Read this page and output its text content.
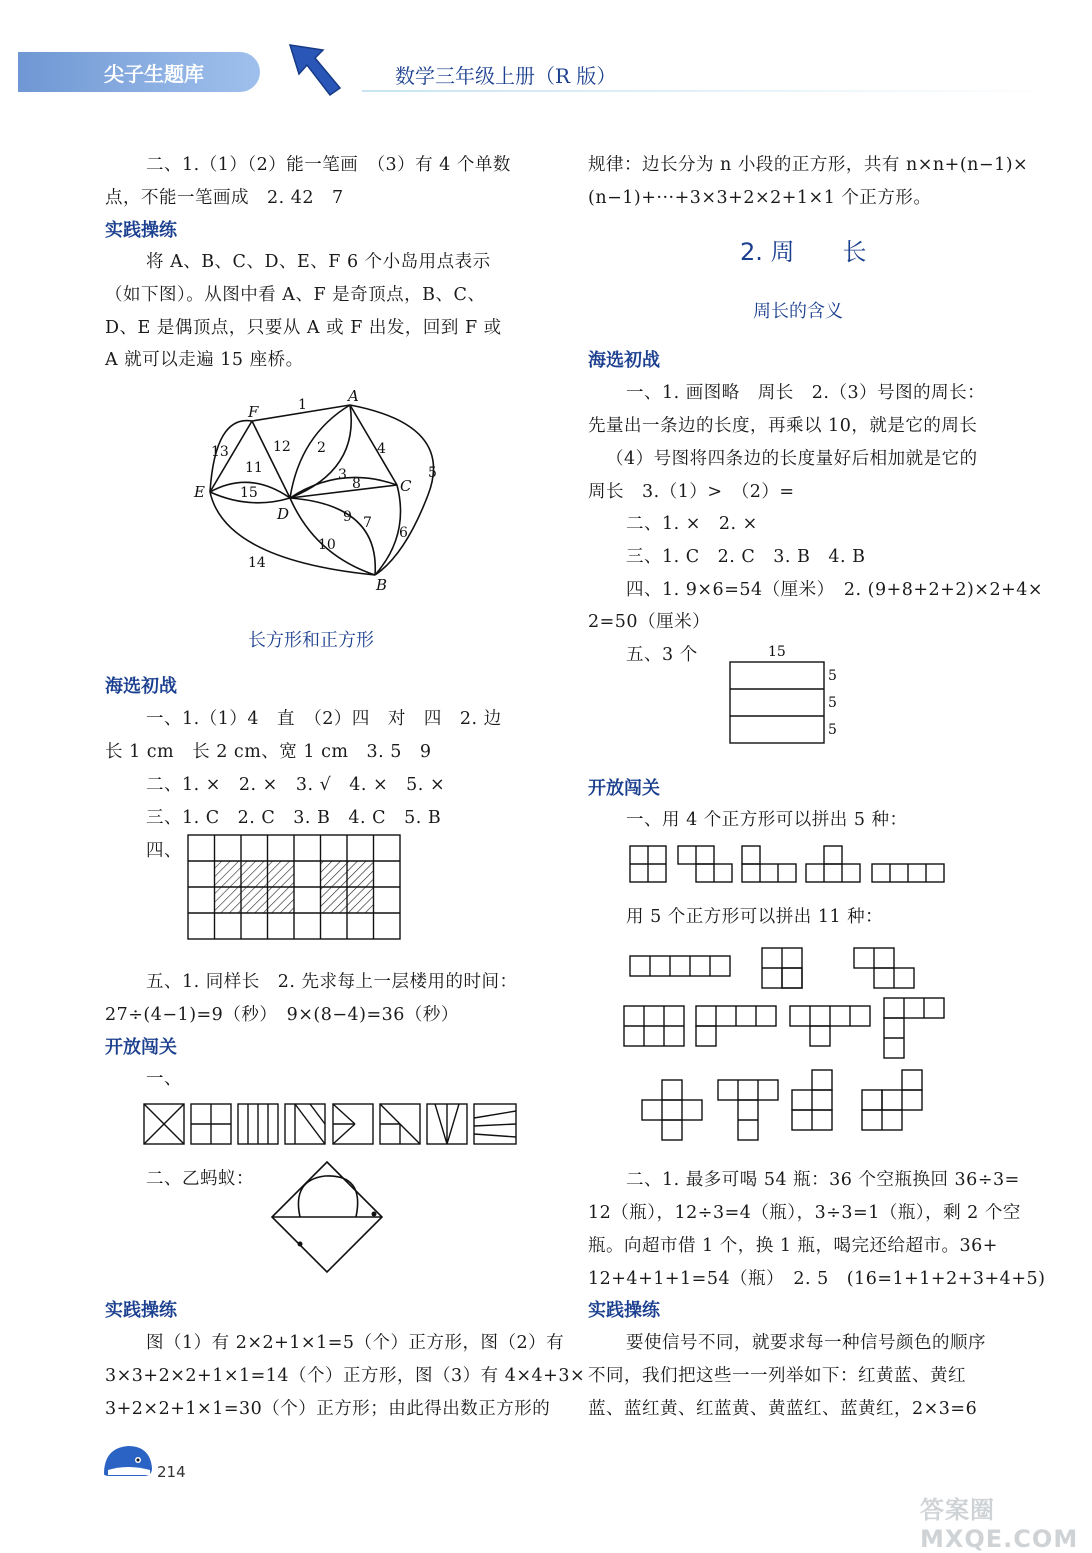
尖子生题库	数学三年级上册（R 版）
二、1.（1）（2）能一笔画　（3）有 4 个单数
点，不能一笔画成　2. 42　7
实践操练
将 A、B、C、D、E、F 6 个小岛用点表示
（如下图）。从图中看 A、F 是奇顶点，B、C、
D、E 是偶顶点，只要从 A 或 F 出发，回到 F 或
A 就可以走遍 15 座桥。
A
B
C
D
E
F	1
2
3
4
5
6
7
8
9
10
11
12
13
14
15
长方形和正方形
海选初战
一、1.（1）4　直　（2）四　对　四　2. 边
长 1 cm　长 2 cm、宽 1 cm　3. 5　9
二、1. ×　2. ×　3. √　4. ×　5. ×
三、1. C　2. C　3. B　4. C　5. B
四、
五、1. 同样长　2. 先求每上一层楼用的时间：
27÷(4−1)=9（秒）　9×(8−4)=36（秒）
开放闯关
一、
二、乙蚂蚁：
实践操练
图（1）有 2×2+1×1=5（个）正方形，图（2）有
3×3+2×2+1×1=14（个）正方形，图（3）有 4×4+3×
3+2×2+1×1=30（个）正方形；由此得出数正方形的
规律：边长分为 n 小段的正方形，共有 n×n+(n−1)×
(n−1)+···+3×3+2×2+1×1 个正方形。
2. 周　　长
周长的含义
海选初战
一、1. 画图略　周长　2.（3）号图的周长：
先量出一条边的长度，再乘以 10，就是它的周长
（4）号图将四条边的长度量好后相加就是它的
周长　3.（1）>　（2）=
二、1. ×　2. ×
三、1. C　2. C　3. B　4. B
四、1. 9×6=54（厘米）　2. (9+8+2+2)×2+4×
2=50（厘米）
五、3 个	15
5
5
5
开放闯关
一、用 4 个正方形可以拼出 5 种：
用 5 个正方形可以拼出 11 种：
二、1. 最多可喝 54 瓶：36 个空瓶换回 36÷3=
12（瓶），12÷3=4（瓶），3÷3=1（瓶），剩 2 个空
瓶。向超市借 1 个，换 1 瓶，喝完还给超市。36+
12+4+1+1=54（瓶）　2. 5　(16=1+1+2+3+4+5)
实践操练
要使信号不同，就要求每一种信号颜色的顺序
不同，我们把这些一一列举如下：红黄蓝、黄红
蓝、蓝红黄、红蓝黄、黄蓝红、蓝黄红，2×3=6
214
答案圈 MXQE.COM
